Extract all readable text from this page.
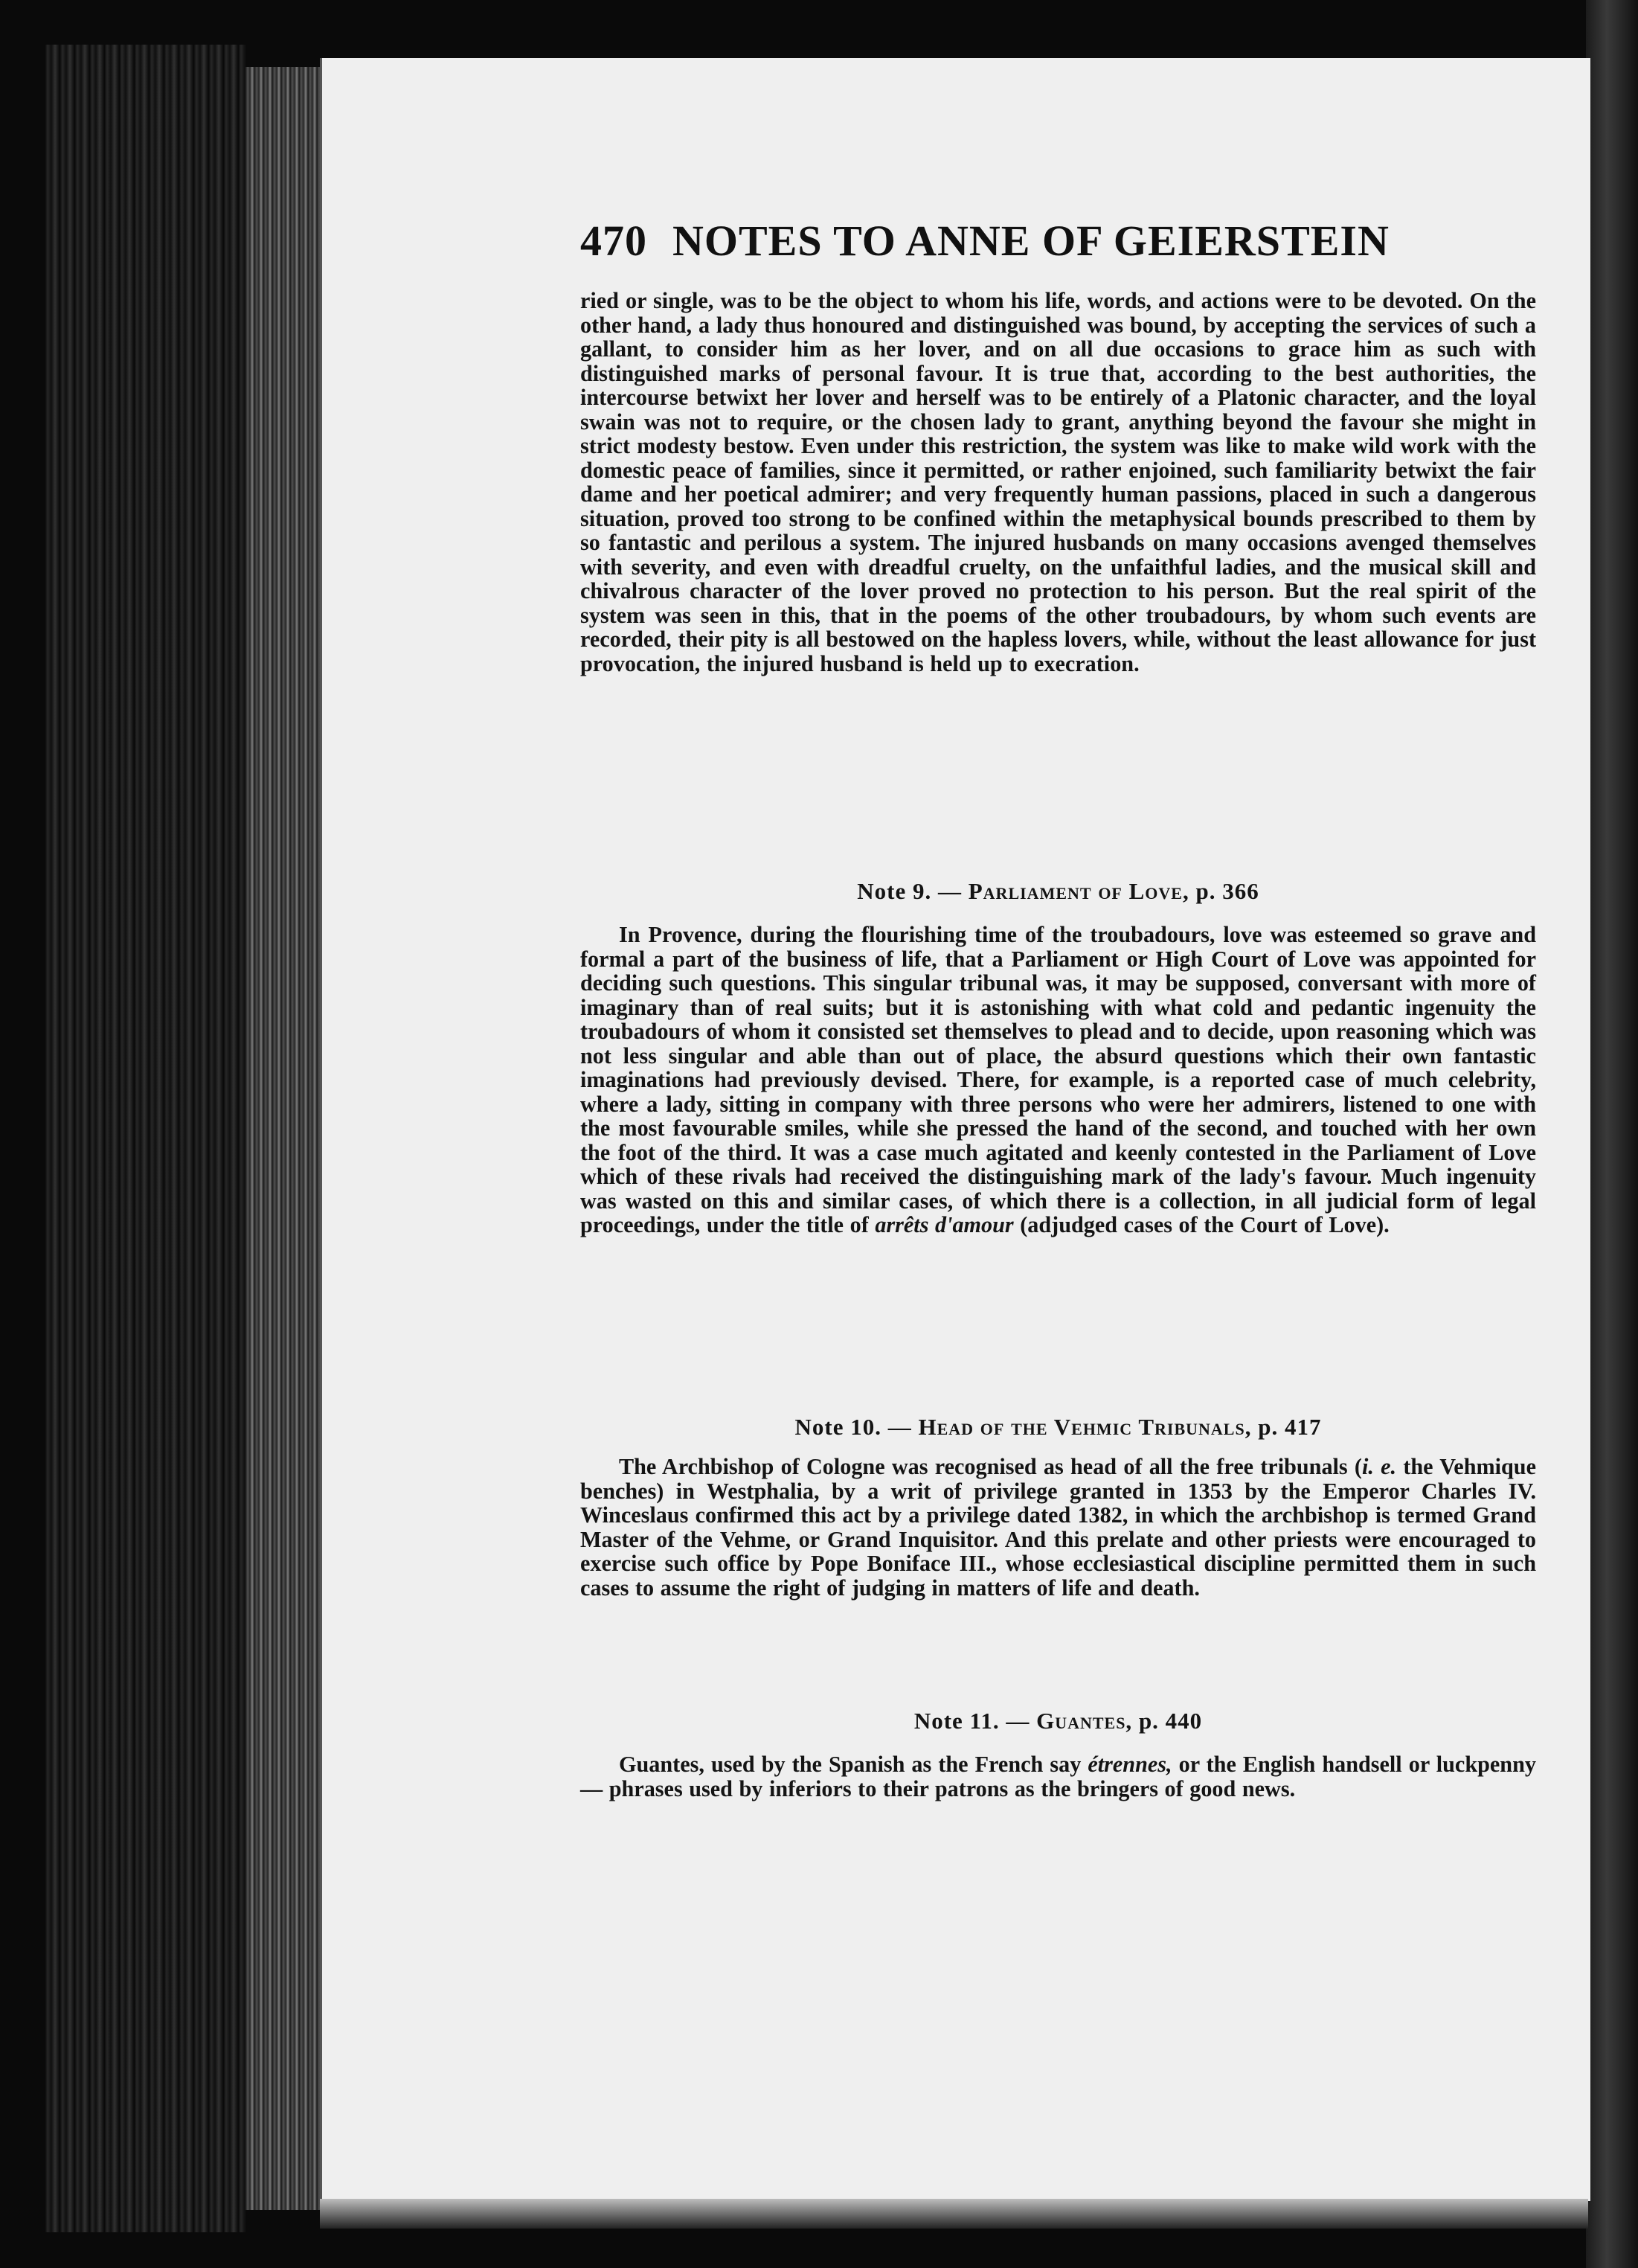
470 NOTES TO ANNE OF GEIERSTEIN
ried or single, was to be the object to whom his life, words, and actions were to be devoted. On the other hand, a lady thus honoured and distinguished was bound, by accepting the services of such a gallant, to consider him as her lover, and on all due occasions to grace him as such with distinguished marks of personal favour. It is true that, according to the best authorities, the intercourse betwixt her lover and herself was to be entirely of a Platonic character, and the loyal swain was not to require, or the chosen lady to grant, anything beyond the favour she might in strict modesty bestow. Even under this restriction, the system was like to make wild work with the domestic peace of families, since it permitted, or rather enjoined, such familiarity betwixt the fair dame and her poetical admirer; and very frequently human passions, placed in such a dangerous situation, proved too strong to be confined within the metaphysical bounds prescribed to them by so fantastic and perilous a system. The injured husbands on many occasions avenged themselves with severity, and even with dreadful cruelty, on the unfaithful ladies, and the musical skill and chivalrous character of the lover proved no protection to his person. But the real spirit of the system was seen in this, that in the poems of the other troubadours, by whom such events are recorded, their pity is all bestowed on the hapless lovers, while, without the least allowance for just provocation, the injured husband is held up to execration.
Note 9. — Parliament of Love, p. 366
In Provence, during the flourishing time of the troubadours, love was esteemed so grave and formal a part of the business of life, that a Parliament or High Court of Love was appointed for deciding such questions. This singular tribunal was, it may be supposed, conversant with more of imaginary than of real suits; but it is astonishing with what cold and pedantic ingenuity the troubadours of whom it consisted set themselves to plead and to decide, upon reasoning which was not less singular and able than out of place, the absurd questions which their own fantastic imaginations had previously devised. There, for example, is a reported case of much celebrity, where a lady, sitting in company with three persons who were her admirers, listened to one with the most favourable smiles, while she pressed the hand of the second, and touched with her own the foot of the third. It was a case much agitated and keenly contested in the Parliament of Love which of these rivals had received the distinguishing mark of the lady's favour. Much ingenuity was wasted on this and similar cases, of which there is a collection, in all judicial form of legal proceedings, under the title of arrêts d'amour (adjudged cases of the Court of Love).
Note 10. — Head of the Vehmic Tribunals, p. 417
The Archbishop of Cologne was recognised as head of all the free tribunals (i. e. the Vehmique benches) in Westphalia, by a writ of privilege granted in 1353 by the Emperor Charles IV. Winceslaus confirmed this act by a privilege dated 1382, in which the archbishop is termed Grand Master of the Vehme, or Grand Inquisitor. And this prelate and other priests were encouraged to exercise such office by Pope Boniface III., whose ecclesiastical discipline permitted them in such cases to assume the right of judging in matters of life and death.
Note 11. — Guantes, p. 440
Guantes, used by the Spanish as the French say étrennes, or the English handsell or luckpenny — phrases used by inferiors to their patrons as the bringers of good news.
